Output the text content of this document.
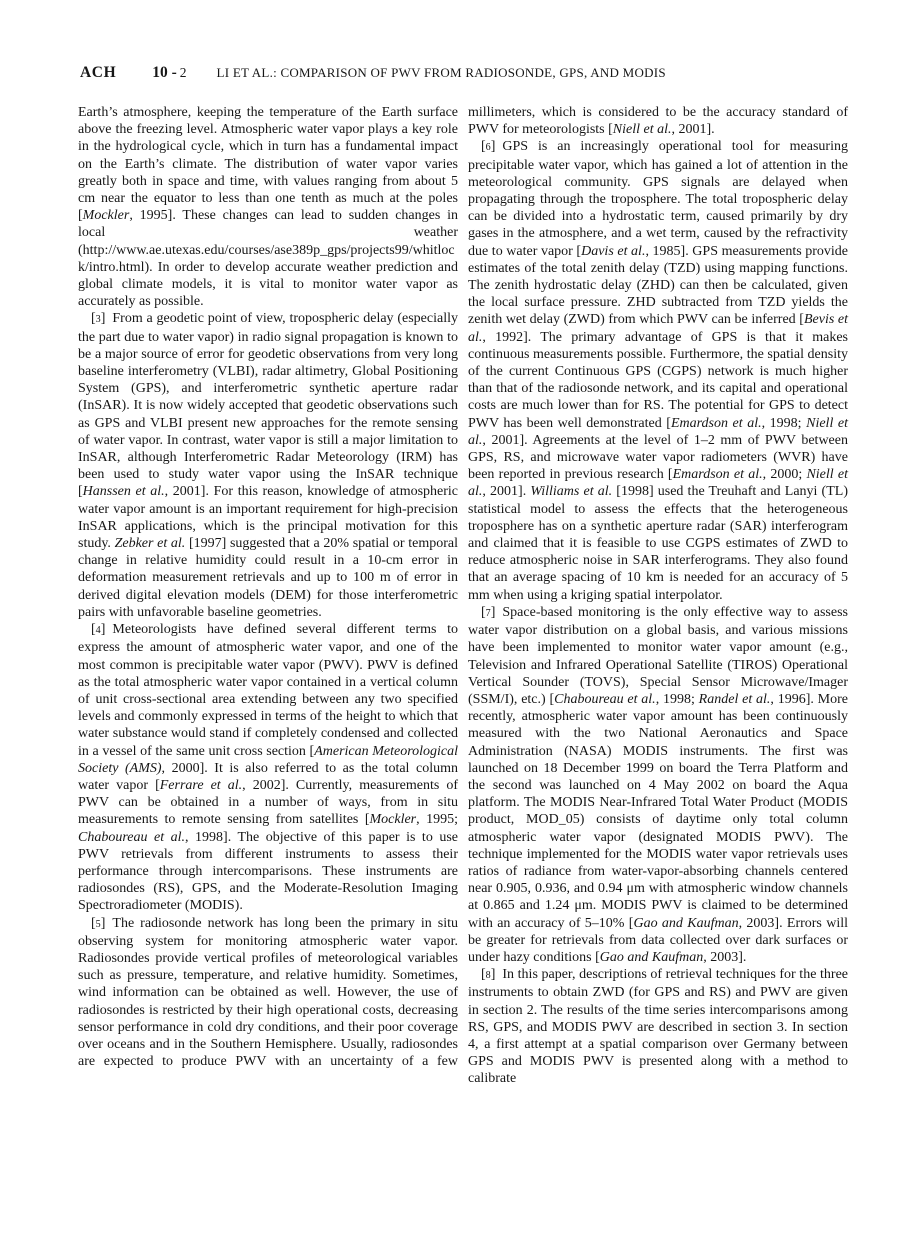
ACH 10 - 2 LI ET AL.: COMPARISON OF PWV FROM RADIOSONDE, GPS, AND MODIS

Earth’s atmosphere, keeping the temperature of the Earth surface above the freezing level. Atmospheric water vapor plays a key role in the hydrological cycle, which in turn has a fundamental impact on the Earth’s climate. The distribution of water vapor varies greatly both in space and time, with values ranging from about 5 cm near the equator to less than one tenth as much at the poles [Mockler, 1995]. These changes can lead to sudden changes in local weather (http://www.ae.utexas.edu/courses/ase389p_gps/projects99/whitlock/intro.html). In order to develop accurate weather prediction and global climate models, it is vital to monitor water vapor as accurately as possible.

[3] From a geodetic point of view, tropospheric delay (especially the part due to water vapor) in radio signal propagation is known to be a major source of error for geodetic observations from very long baseline interferometry (VLBI), radar altimetry, Global Positioning System (GPS), and interferometric synthetic aperture radar (InSAR). It is now widely accepted that geodetic observations such as GPS and VLBI present new approaches for the remote sensing of water vapor. In contrast, water vapor is still a major limitation to InSAR, although Interferometric Radar Meteorology (IRM) has been used to study water vapor using the InSAR technique [Hanssen et al., 2001]. For this reason, knowledge of atmospheric water vapor amount is an important requirement for high-precision InSAR applications, which is the principal motivation for this study. Zebker et al. [1997] suggested that a 20% spatial or temporal change in relative humidity could result in a 10-cm error in deformation measurement retrievals and up to 100 m of error in derived digital elevation models (DEM) for those interferometric pairs with unfavorable baseline geometries.

[4] Meteorologists have defined several different terms to express the amount of atmospheric water vapor, and one of the most common is precipitable water vapor (PWV). PWV is defined as the total atmospheric water vapor contained in a vertical column of unit cross-sectional area extending between any two specified levels and commonly expressed in terms of the height to which that water substance would stand if completely condensed and collected in a vessel of the same unit cross section [American Meteorological Society (AMS), 2000]. It is also referred to as the total column water vapor [Ferrare et al., 2002]. Currently, measurements of PWV can be obtained in a number of ways, from in situ measurements to remote sensing from satellites [Mockler, 1995; Chaboureau et al., 1998]. The objective of this paper is to use PWV retrievals from different instruments to assess their performance through intercomparisons. These instruments are radiosondes (RS), GPS, and the Moderate-Resolution Imaging Spectroradiometer (MODIS).

[5] The radiosonde network has long been the primary in situ observing system for monitoring atmospheric water vapor. Radiosondes provide vertical profiles of meteorological variables such as pressure, temperature, and relative humidity. Sometimes, wind information can be obtained as well. However, the use of radiosondes is restricted by their high operational costs, decreasing sensor performance in cold dry conditions, and their poor coverage over oceans and in the Southern Hemisphere. Usually, radiosondes are expected to produce PWV with an uncertainty of a few

millimeters, which is considered to be the accuracy standard of PWV for meteorologists [Niell et al., 2001].

[6] GPS is an increasingly operational tool for measuring precipitable water vapor, which has gained a lot of attention in the meteorological community. GPS signals are delayed when propagating through the troposphere. The total tropospheric delay can be divided into a hydrostatic term, caused primarily by dry gases in the atmosphere, and a wet term, caused by the refractivity due to water vapor [Davis et al., 1985]. GPS measurements provide estimates of the total zenith delay (TZD) using mapping functions. The zenith hydrostatic delay (ZHD) can then be calculated, given the local surface pressure. ZHD subtracted from TZD yields the zenith wet delay (ZWD) from which PWV can be inferred [Bevis et al., 1992]. The primary advantage of GPS is that it makes continuous measurements possible. Furthermore, the spatial density of the current Continuous GPS (CGPS) network is much higher than that of the radiosonde network, and its capital and operational costs are much lower than for RS. The potential for GPS to detect PWV has been well demonstrated [Emardson et al., 1998; Niell et al., 2001]. Agreements at the level of 1–2 mm of PWV between GPS, RS, and microwave water vapor radiometers (WVR) have been reported in previous research [Emardson et al., 2000; Niell et al., 2001]. Williams et al. [1998] used the Treuhaft and Lanyi (TL) statistical model to assess the effects that the heterogeneous troposphere has on a synthetic aperture radar (SAR) interferogram and claimed that it is feasible to use CGPS estimates of ZWD to reduce atmospheric noise in SAR interferograms. They also found that an average spacing of 10 km is needed for an accuracy of 5 mm when using a kriging spatial interpolator.

[7] Space-based monitoring is the only effective way to assess water vapor distribution on a global basis, and various missions have been implemented to monitor water vapor amount (e.g., Television and Infrared Operational Satellite (TIROS) Operational Vertical Sounder (TOVS), Special Sensor Microwave/Imager (SSM/I), etc.) [Chaboureau et al., 1998; Randel et al., 1996]. More recently, atmospheric water vapor amount has been continuously measured with the two National Aeronautics and Space Administration (NASA) MODIS instruments. The first was launched on 18 December 1999 on board the Terra Platform and the second was launched on 4 May 2002 on board the Aqua platform. The MODIS Near-Infrared Total Water Product (MODIS product, MOD_05) consists of daytime only total column atmospheric water vapor (designated MODIS PWV). The technique implemented for the MODIS water vapor retrievals uses ratios of radiance from water-vapor-absorbing channels centered near 0.905, 0.936, and 0.94 μm with atmospheric window channels at 0.865 and 1.24 μm. MODIS PWV is claimed to be determined with an accuracy of 5–10% [Gao and Kaufman, 2003]. Errors will be greater for retrievals from data collected over dark surfaces or under hazy conditions [Gao and Kaufman, 2003].

[8] In this paper, descriptions of retrieval techniques for the three instruments to obtain ZWD (for GPS and RS) and PWV are given in section 2. The results of the time series intercomparisons among RS, GPS, and MODIS PWV are described in section 3. In section 4, a first attempt at a spatial comparison over Germany between GPS and MODIS PWV is presented along with a method to calibrate
